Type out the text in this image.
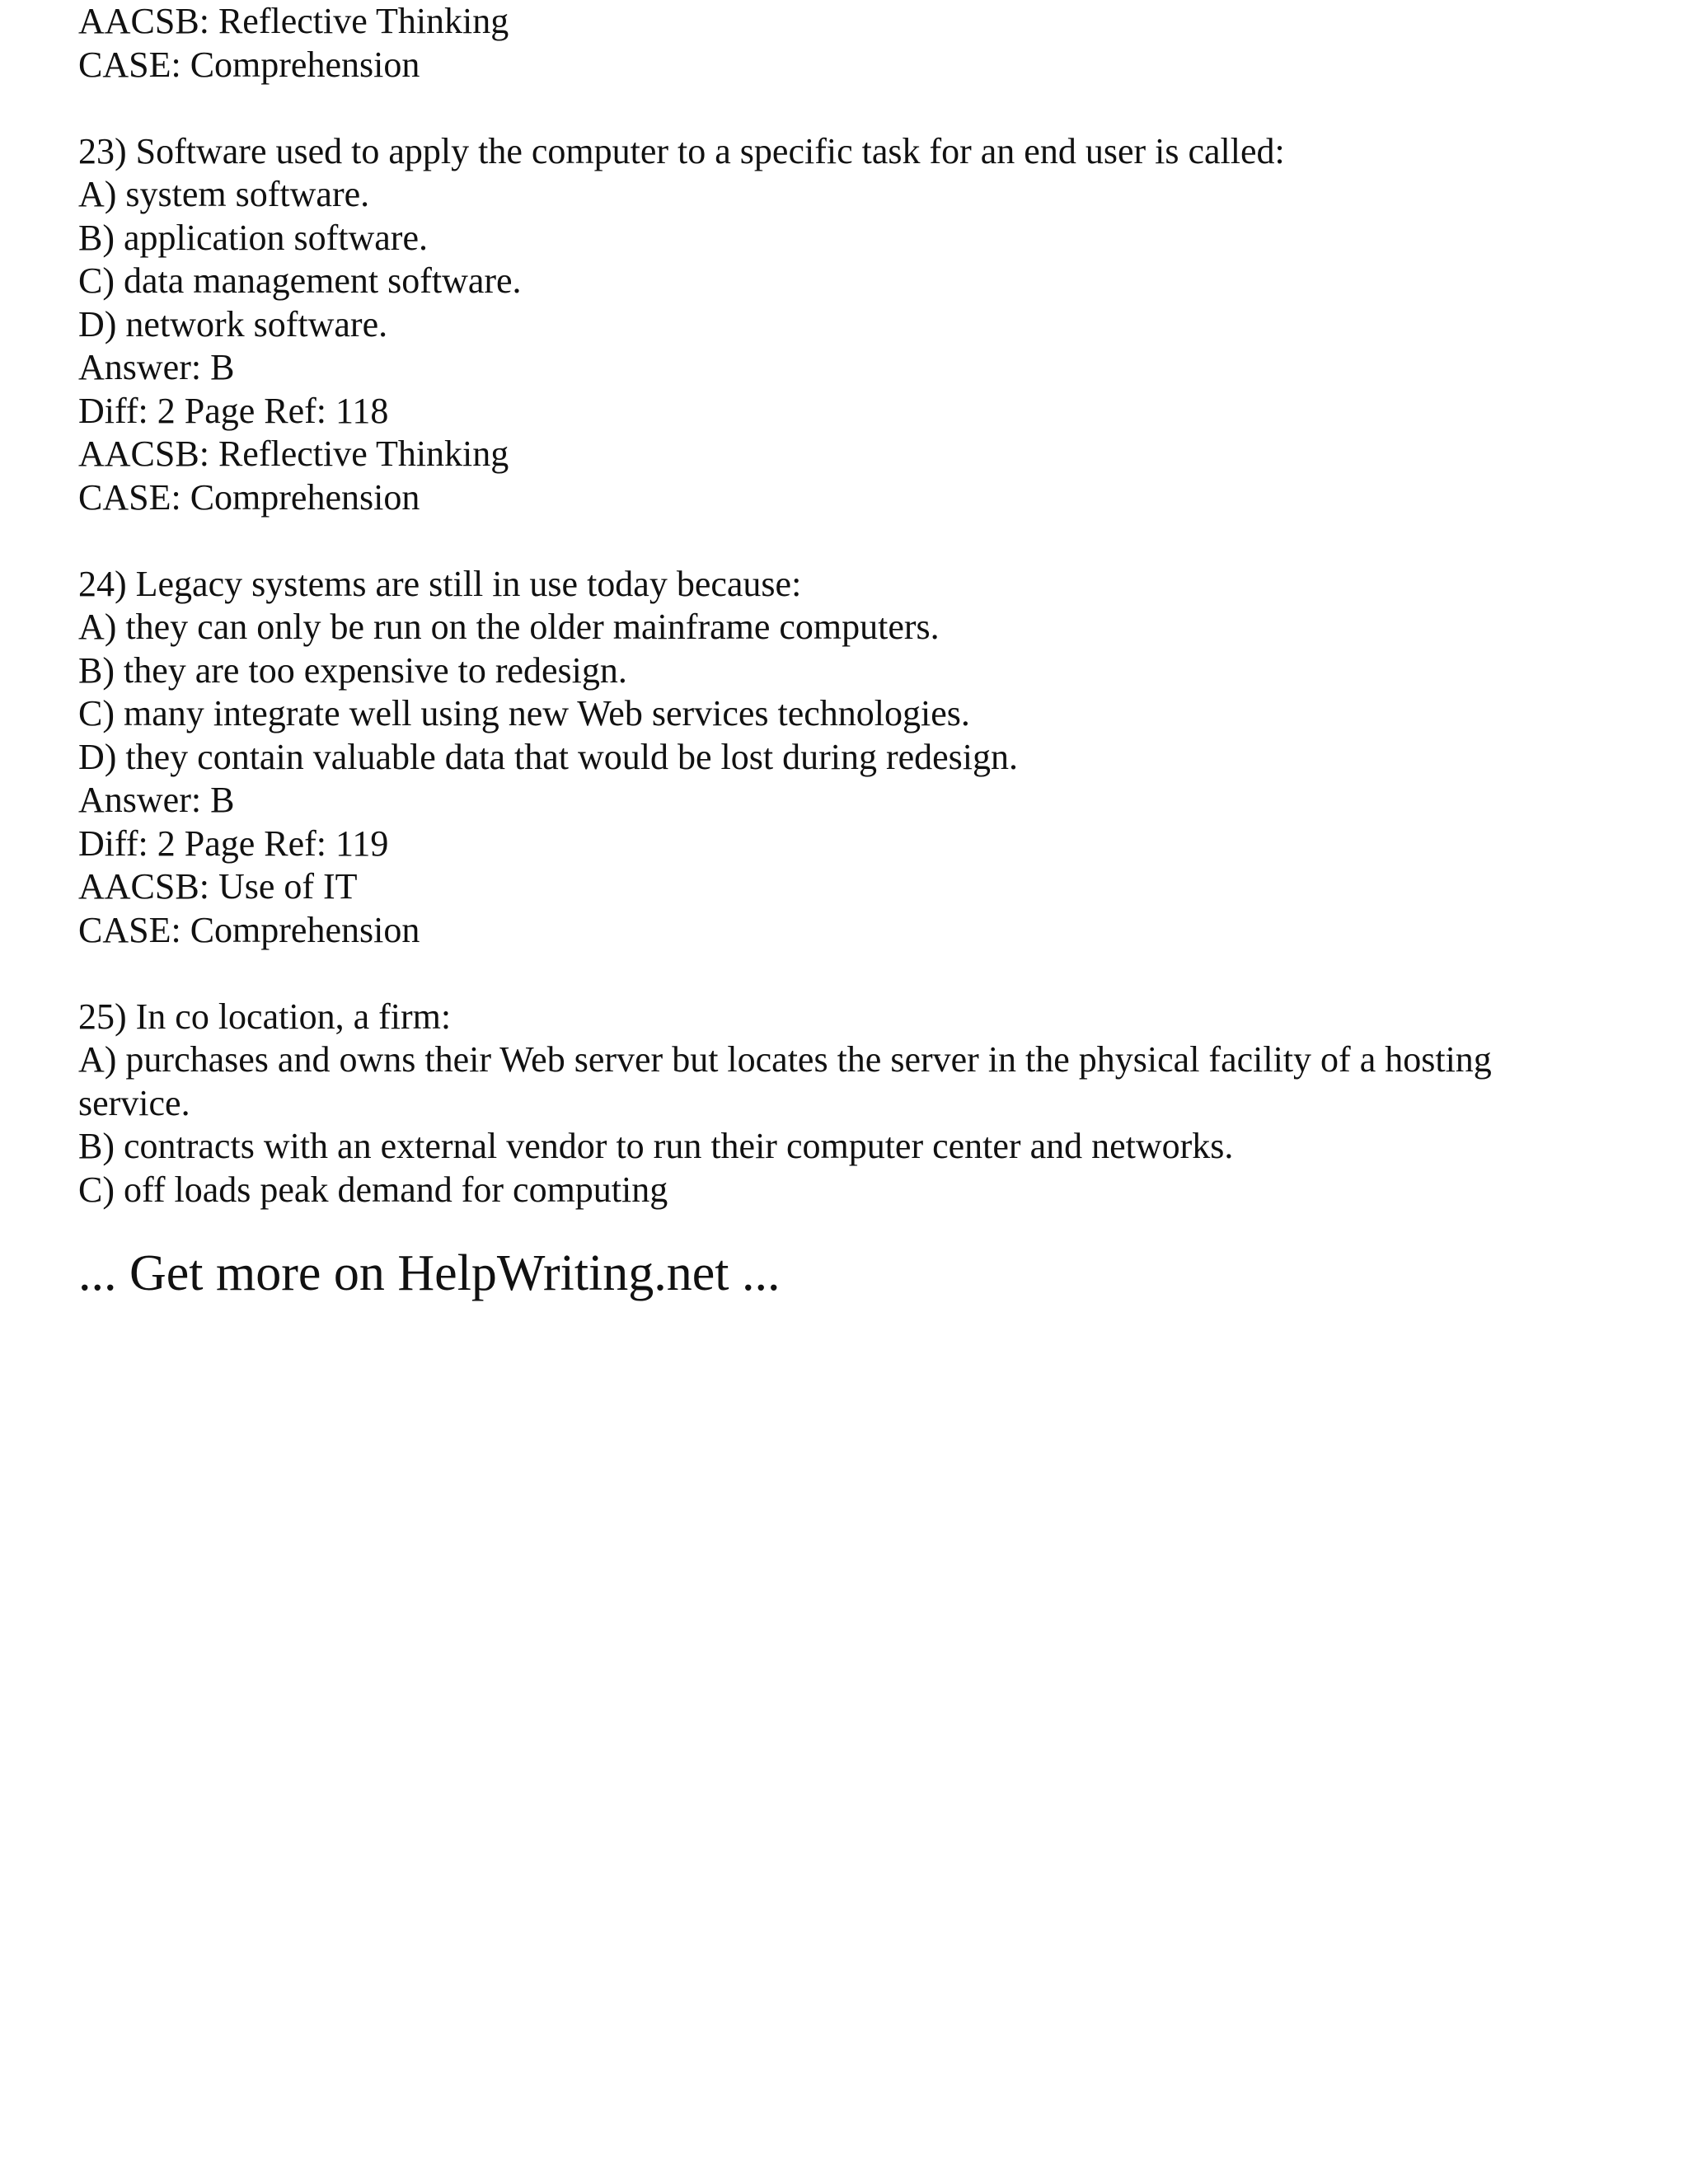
AACSB: Reflective Thinking
CASE: Comprehension
23) Software used to apply the computer to a specific task for an end user is called:
A) system software.
B) application software.
C) data management software.
D) network software.
Answer: B
Diff: 2 Page Ref: 118
AACSB: Reflective Thinking
CASE: Comprehension
24) Legacy systems are still in use today because:
A) they can only be run on the older mainframe computers.
B) they are too expensive to redesign.
C) many integrate well using new Web services technologies.
D) they contain valuable data that would be lost during redesign.
Answer: B
Diff: 2 Page Ref: 119
AACSB: Use of IT
CASE: Comprehension
25) In co location, a firm:
A) purchases and owns their Web server but locates the server in the physical facility of a hosting
service.
B) contracts with an external vendor to run their computer center and networks.
C) off loads peak demand for computing
... Get more on HelpWriting.net ...
